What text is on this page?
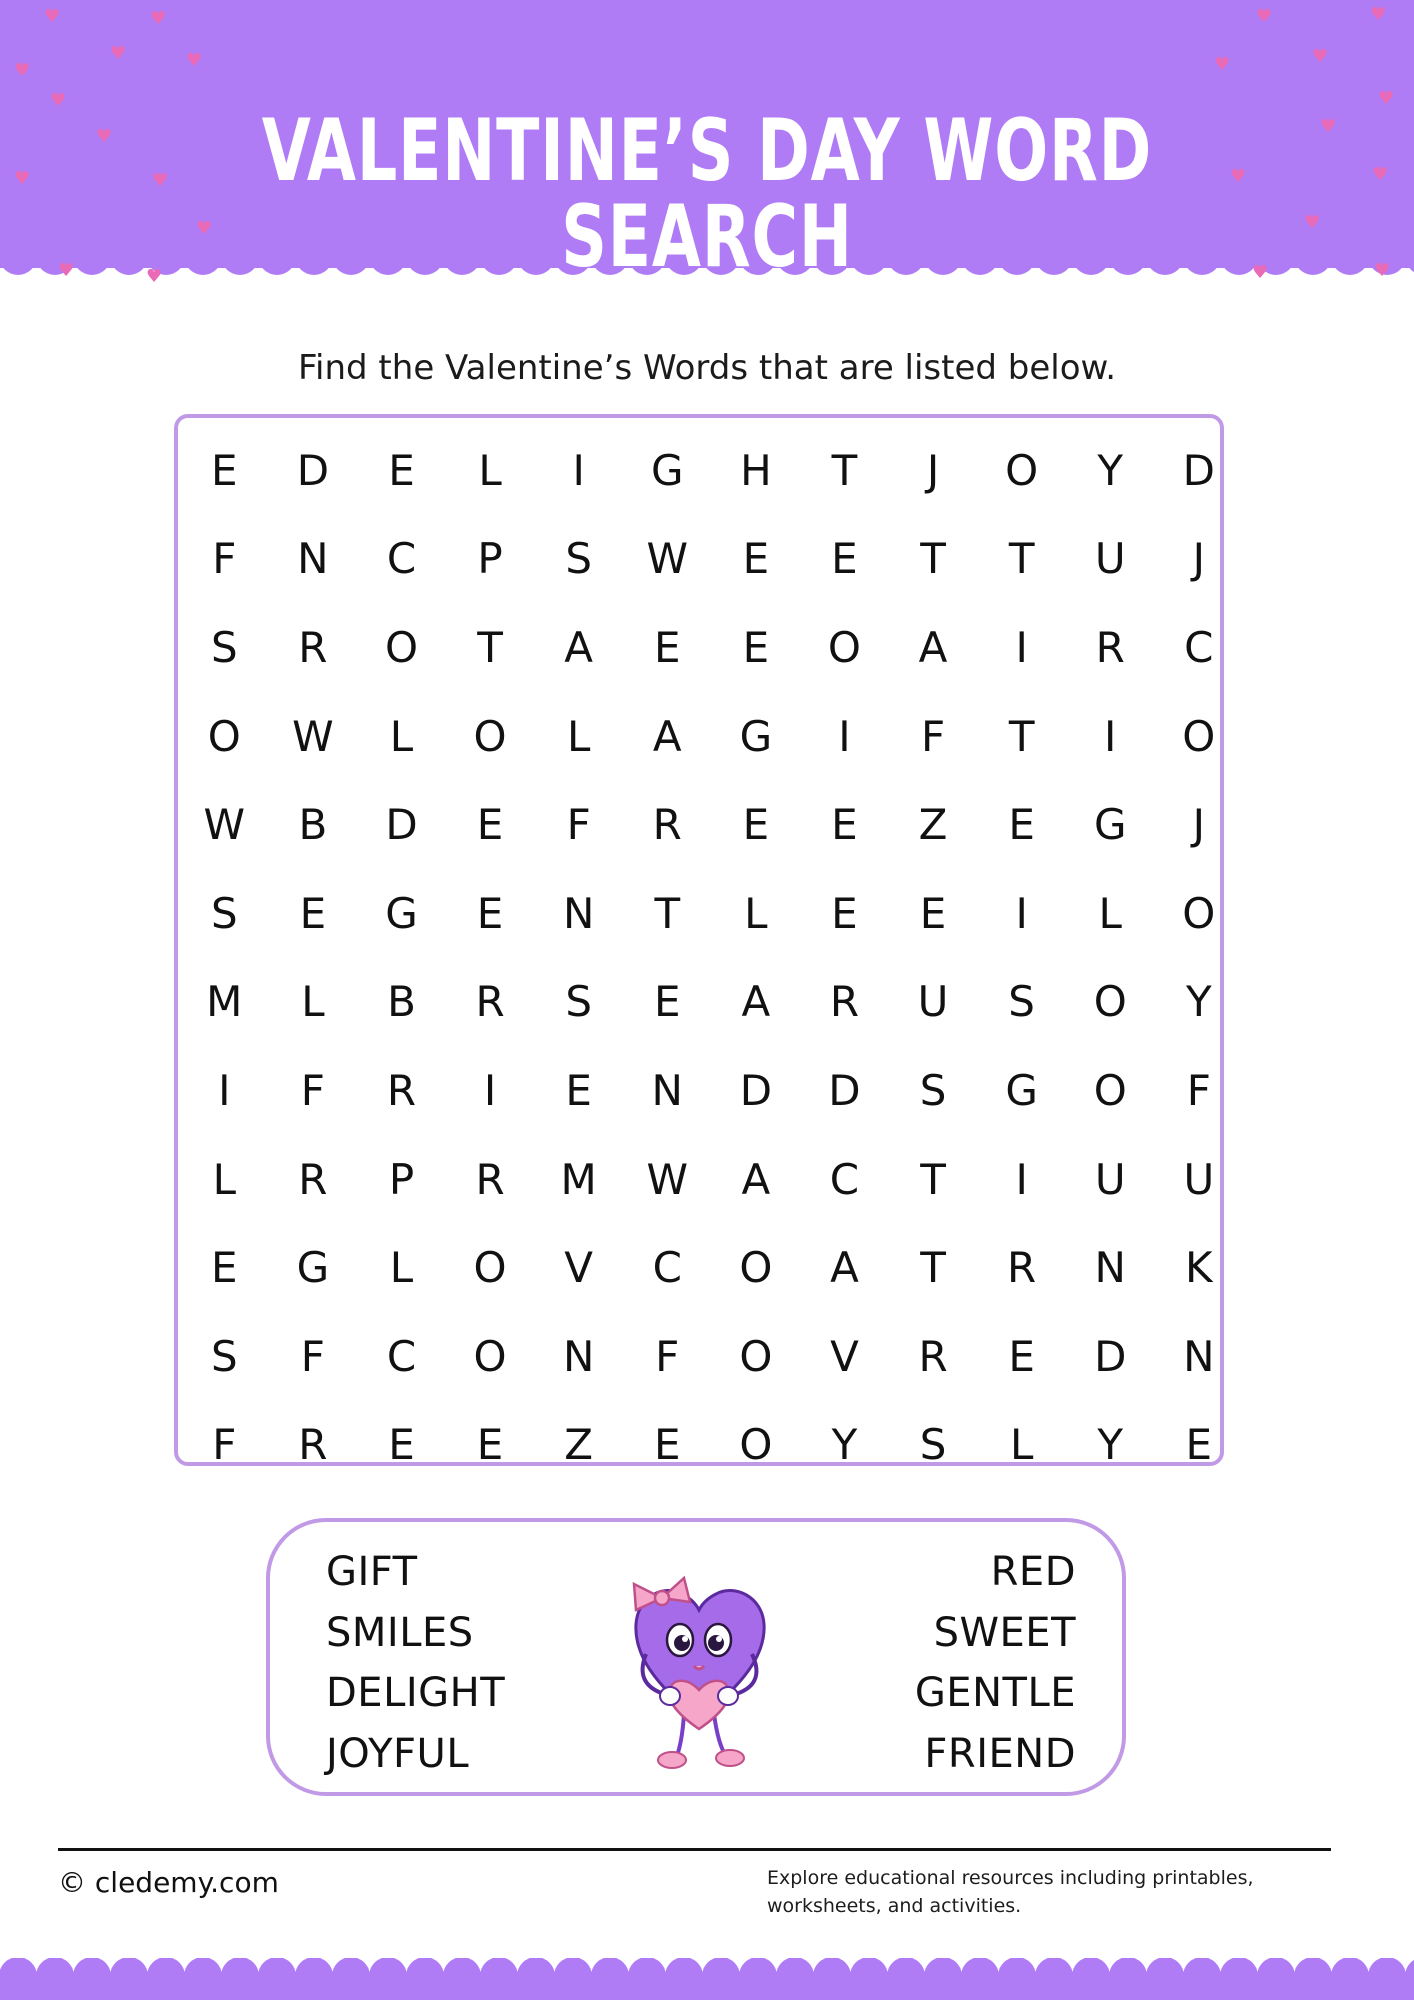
♥	♥
♥	♥
♥
♥
♥
♥	♥
♥
♥	♥
♥	♥
♥
♥
♥
♥
♥	♥
♥
♥	♥
VALENTINE’S DAY WORD SEARCH
Find the Valentine’s Words that are listed below.
E	D	E	L	I	G	H	T	J	O	Y	D
F	N	C	P	S	W	E	E	T	T	U	J
S	R	O	T	A	E	E	O	A	I	R	C
O	W	L	O	L	A	G	I	F	T	I	O
W	B	D	E	F	R	E	E	Z	E	G	J
S	E	G	E	N	T	L	E	E	I	L	O
M	L	B	R	S	E	A	R	U	S	O	Y
I	F	R	I	E	N	D	D	S	G	O	F
L	R	P	R	M	W	A	C	T	I	U	U
E	G	L	O	V	C	O	A	T	R	N	K
S	F	C	O	N	F	O	V	R	E	D	N
F	R	E	E	Z	E	O	Y	S	L	Y	E
GIFT
SMILES
DELIGHT
JOYFUL
RED
SWEET
GENTLE
FRIEND
© cledemy.com	Explore educational resources including printables, worksheets, and activities.
